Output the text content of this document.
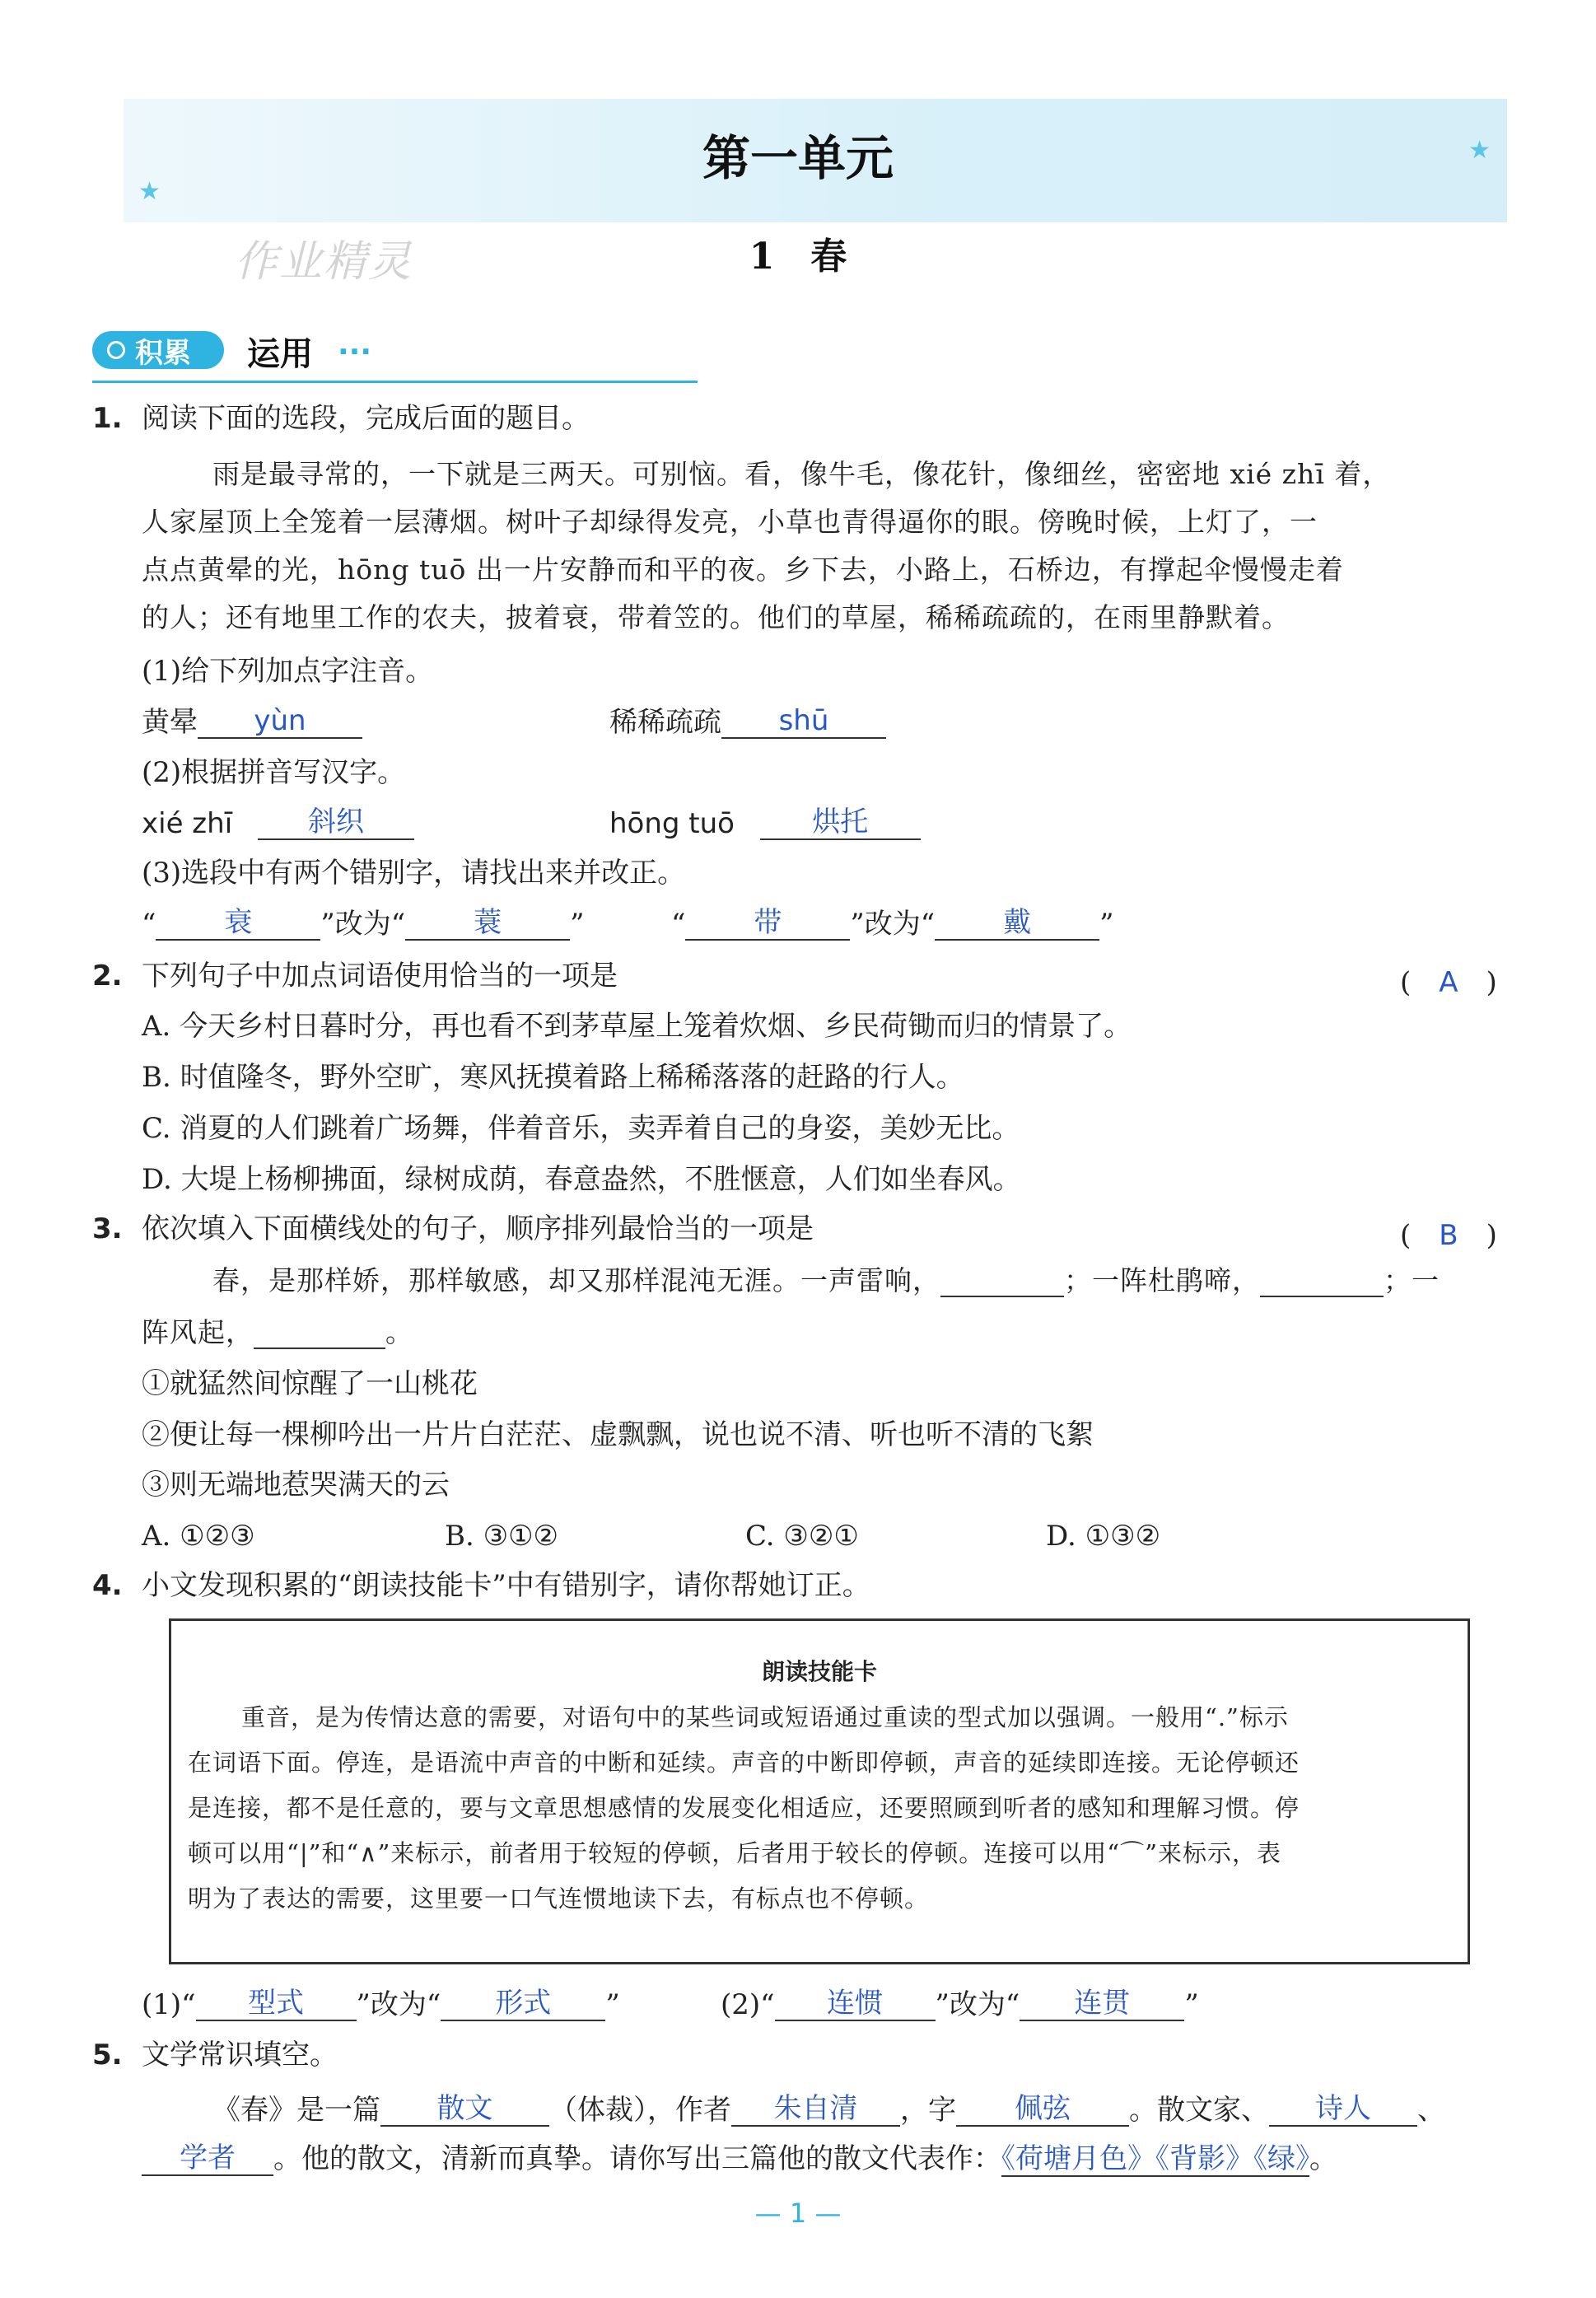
★
★
第一单元
1　春
作业精灵
积累 运用 ...
1. 阅读下面的选段，完成后面的题目。
雨是最寻常的，一下就是三两天。可别恼。看，像牛毛，像花针，像细丝，密密地 xié zhī 着，
人家屋顶上全笼着一层薄烟。树叶子却绿得发亮，小草也青得逼你的眼。傍晚时候，上灯了，一
点点黄晕的光，hōng tuō 出一片安静而和平的夜。乡下去，小路上，石桥边，有撑起伞慢慢走着
的人；还有地里工作的农夫，披着衰，带着笠的。他们的草屋，稀稀疏疏的，在雨里静默着。
(1)给下列加点字注音。
黄晕 yùn	稀稀疏疏 shū
(2)根据拼音写汉字。
xié zhī	斜织	hōng tuō	烘托
(3)选段中有两个错别字，请找出来并改正。
“ 衰 ”改为“ 蓑 ”	“ 带 ”改为“ 戴 ”
2. 下列句子中加点词语使用恰当的一项是	(　A　)
A. 今天乡村日暮时分，再也看不到茅草屋上笼着炊烟、乡民荷锄而归的情景了。
B. 时值隆冬，野外空旷，寒风抚摸着路上稀稀落落的赶路的行人。
C. 消夏的人们跳着广场舞，伴着音乐，卖弄着自己的身姿，美妙无比。
D. 大堤上杨柳拂面，绿树成荫，春意盎然，不胜惬意，人们如坐春风。
3. 依次填入下面横线处的句子，顺序排列最恰当的一项是	(　B　)
春，是那样娇，那样敏感，却又那样混沌无涯。一声雷响，	；一阵杜鹃啼，	；一
阵风起，	。
①就猛然间惊醒了一山桃花
②便让每一棵柳吟出一片片白茫茫、虚飘飘，说也说不清、听也听不清的飞絮
③则无端地惹哭满天的云
A. ①②③	B. ③①②	C. ③②①	D. ①③②
4. 小文发现积累的“朗读技能卡”中有错别字，请你帮她订正。
朗读技能卡
重音，是为传情达意的需要，对语句中的某些词或短语通过重读的型式加以强调。一般用“.”标示
在词语下面。停连，是语流中声音的中断和延续。声音的中断即停顿，声音的延续即连接。无论停顿还
是连接，都不是任意的，要与文章思想感情的发展变化相适应，还要照顾到听者的感知和理解习惯。停
顿可以用“|”和“∧”来标示，前者用于较短的停顿，后者用于较长的停顿。连接可以用“⌒”来标示，表
明为了表达的需要，这里要一口气连惯地读下去，有标点也不停顿。
(1)“ 型式 ”改为“ 形式 ”	(2)“ 连惯 ”改为“ 连贯 ”
5. 文学常识填空。
《春》是一篇 散文 （体裁），作者 朱自清 ，字 佩弦 。散文家、 诗人 、
学者 。他的散文，清新而真挚。请你写出三篇他的散文代表作：《荷塘月色》《背影》《绿》。
— 1 —
